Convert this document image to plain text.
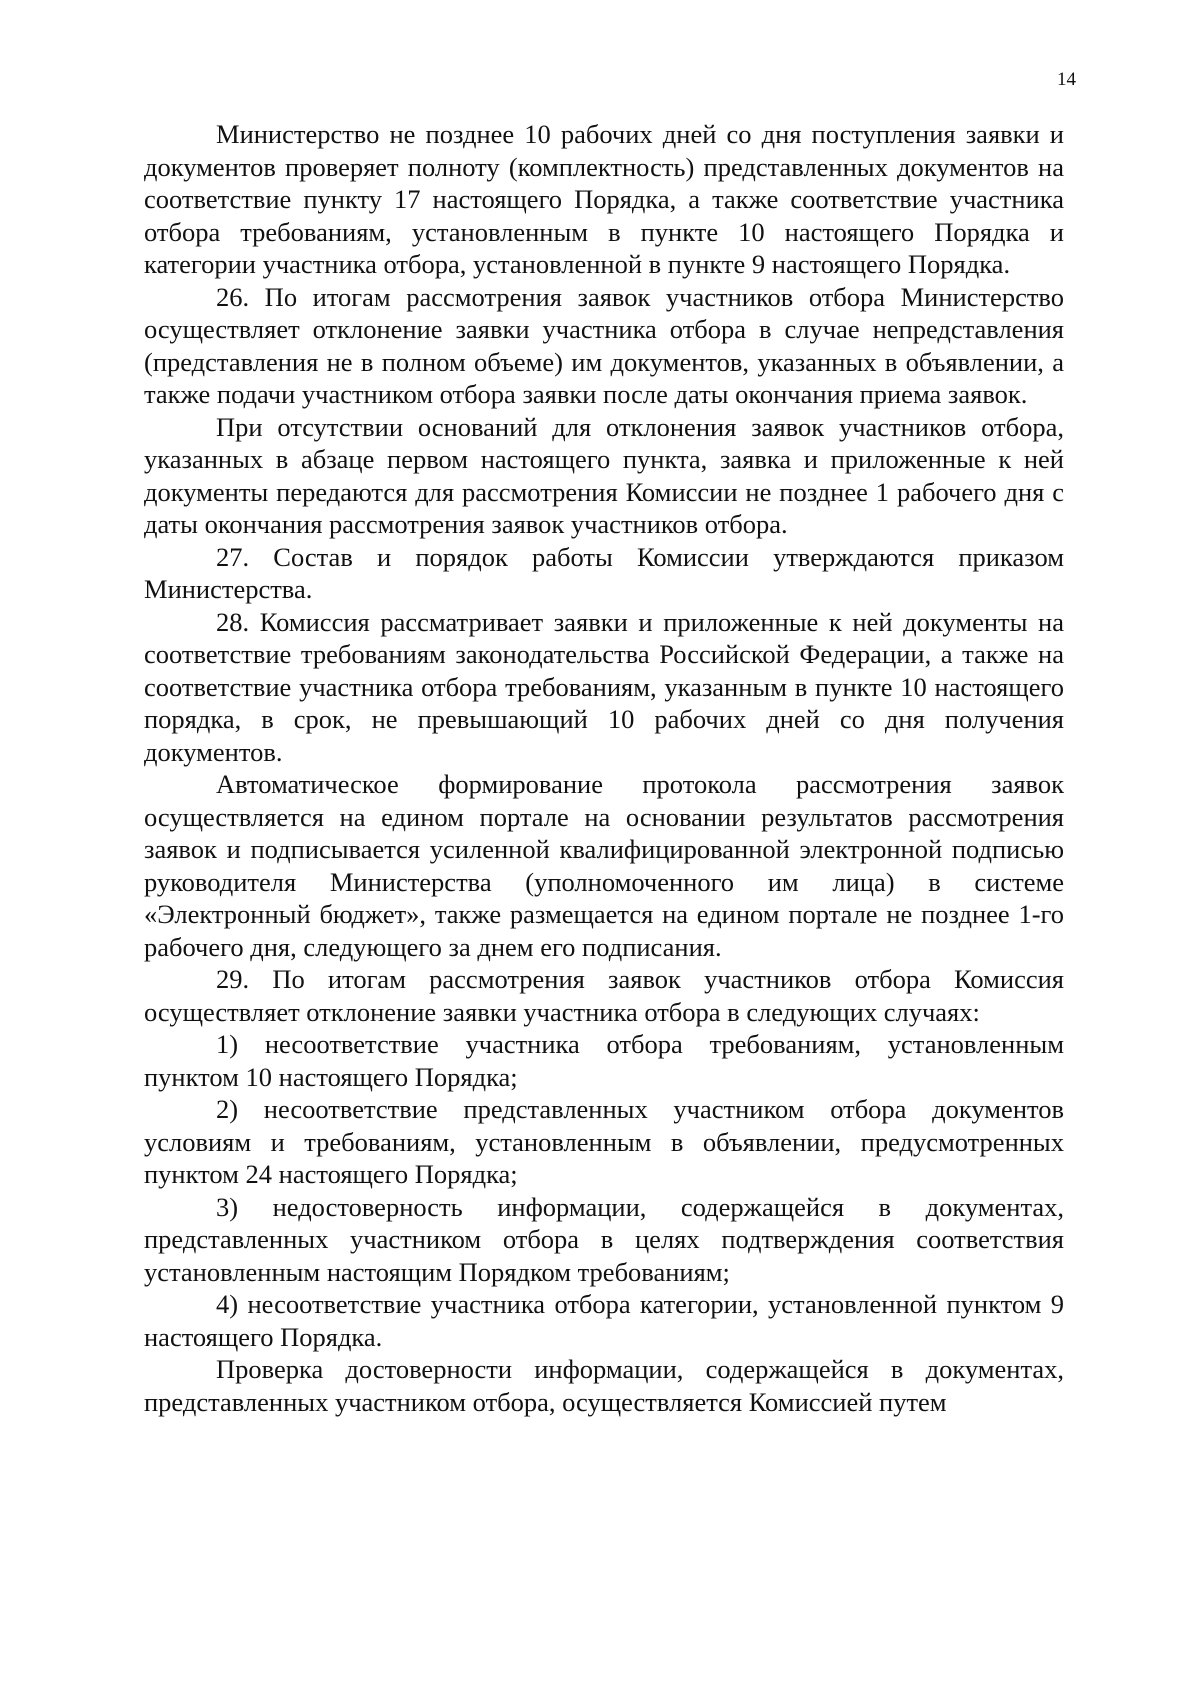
14

Министерство не позднее 10 рабочих дней со дня поступления заявки и документов проверяет полноту (комплектность) представленных документов на соответствие пункту 17 настоящего Порядка, а также соответствие участника отбора требованиям, установленным в пункте 10 настоящего Порядка и категории участника отбора, установленной в пункте 9 настоящего Порядка.

26. По итогам рассмотрения заявок участников отбора Министерство осуществляет отклонение заявки участника отбора в случае непредставления (представления не в полном объеме) им документов, указанных в объявлении, а также подачи участником отбора заявки после даты окончания приема заявок.

При отсутствии оснований для отклонения заявок участников отбора, указанных в абзаце первом настоящего пункта, заявка и приложенные к ней документы передаются для рассмотрения Комиссии не позднее 1 рабочего дня с даты окончания рассмотрения заявок участников отбора.

27. Состав и порядок работы Комиссии утверждаются приказом Министерства.

28. Комиссия рассматривает заявки и приложенные к ней документы на соответствие требованиям законодательства Российской Федерации, а также на соответствие участника отбора требованиям, указанным в пункте 10 настоящего порядка, в срок, не превышающий 10 рабочих дней со дня получения документов.

Автоматическое формирование протокола рассмотрения заявок осуществляется на едином портале на основании результатов рассмотрения заявок и подписывается усиленной квалифицированной электронной подписью руководителя Министерства (уполномоченного им лица) в системе «Электронный бюджет», также размещается на едином портале не позднее 1-го рабочего дня, следующего за днем его подписания.

29. По итогам рассмотрения заявок участников отбора Комиссия осуществляет отклонение заявки участника отбора в следующих случаях:

1) несоответствие участника отбора требованиям, установленным пунктом 10 настоящего Порядка;

2) несоответствие представленных участником отбора документов условиям и требованиям, установленным в объявлении, предусмотренных пунктом 24 настоящего Порядка;

3) недостоверность информации, содержащейся в документах, представленных участником отбора в целях подтверждения соответствия установленным настоящим Порядком требованиям;

4) несоответствие участника отбора категории, установленной пунктом 9 настоящего Порядка.

Проверка достоверности информации, содержащейся в документах, представленных участником отбора, осуществляется Комиссией путем
